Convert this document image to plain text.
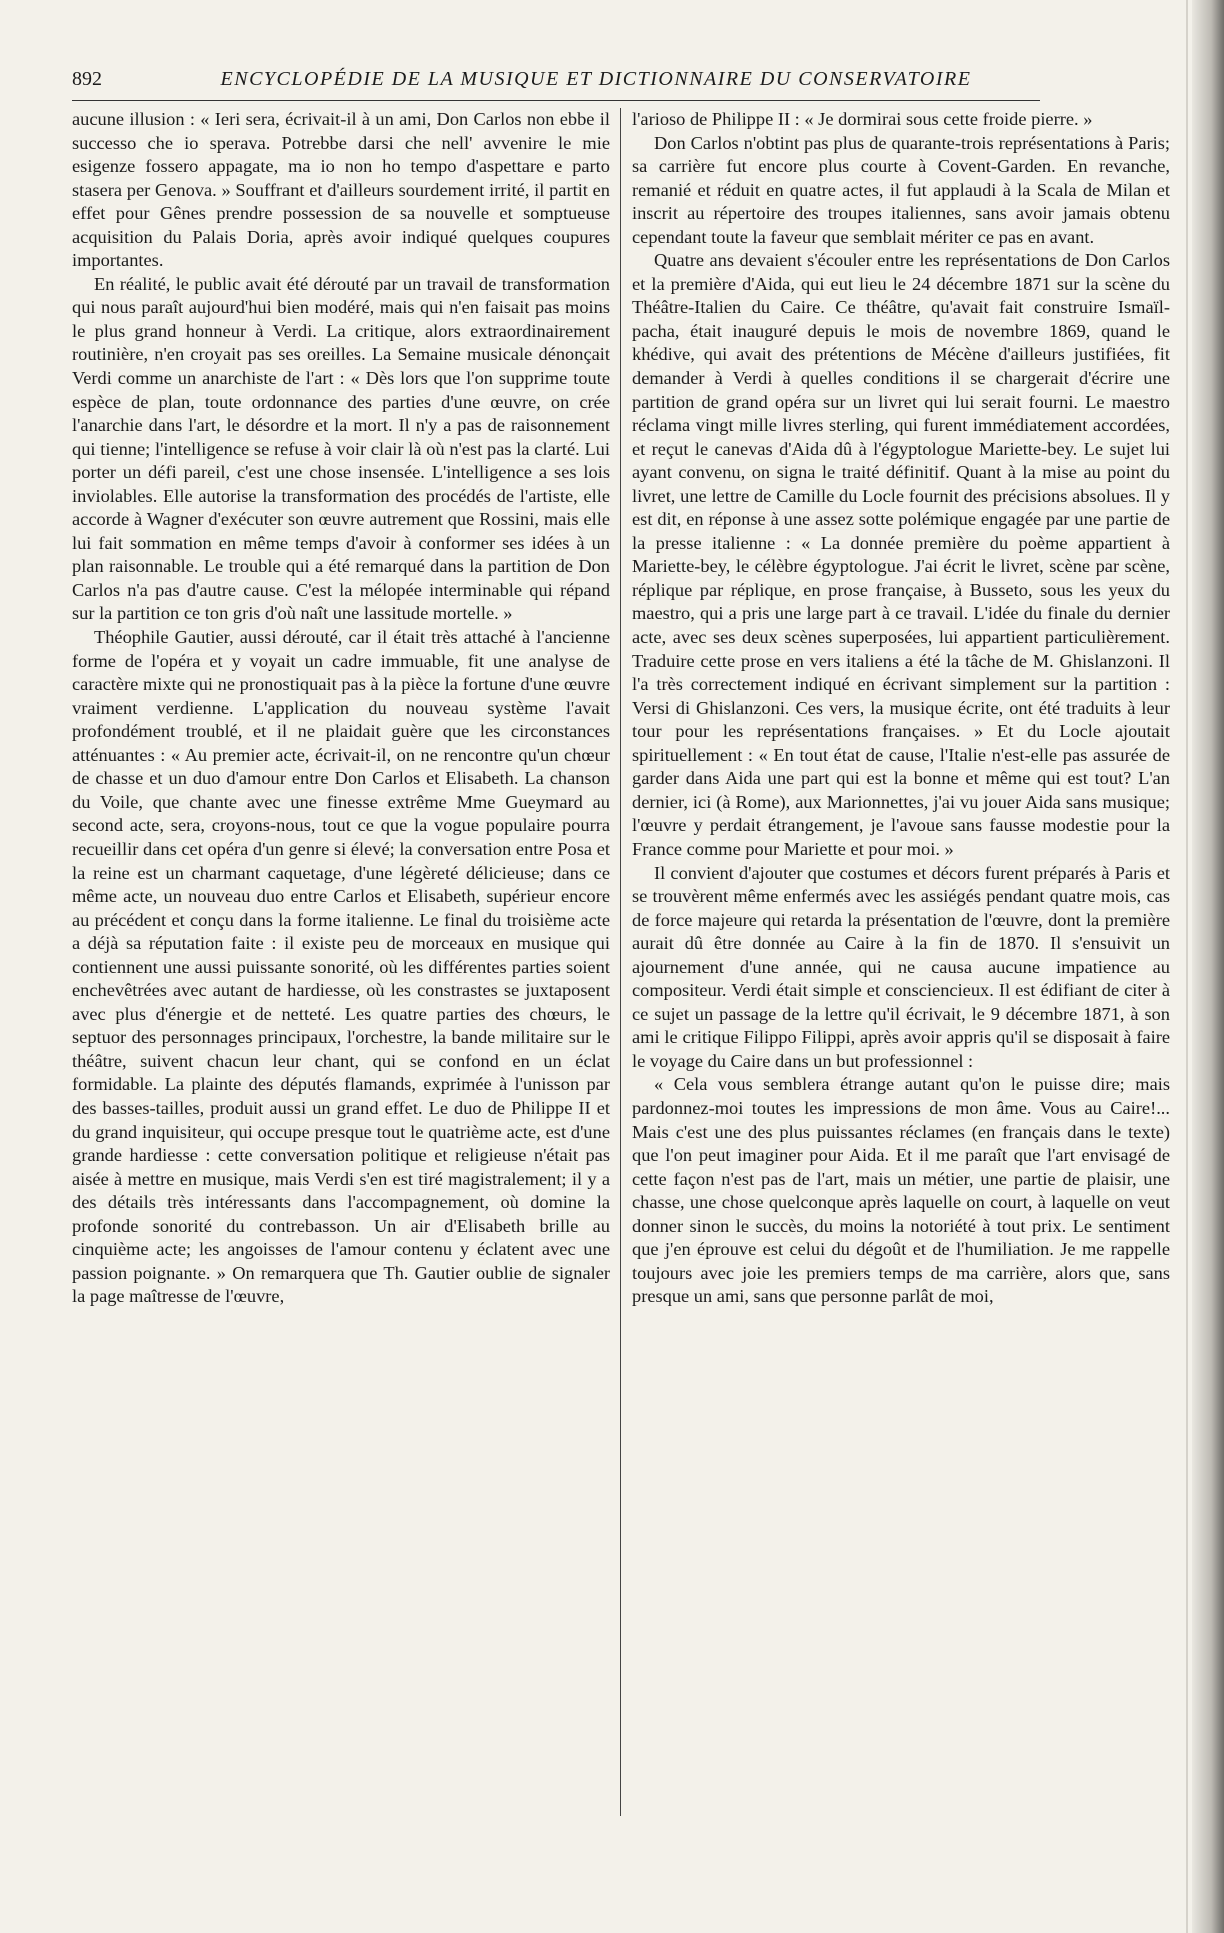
892	ENCYCLOPÉDIE DE LA MUSIQUE ET DICTIONNAIRE DU CONSERVATOIRE

aucune illusion : « Ieri sera, écrivait-il à un ami, Don Carlos non ebbe il successo che io sperava. Potrebbe darsi che nell' avvenire le mie esigenze fossero appagate, ma io non ho tempo d'aspettare e parto stasera per Genova. » Souffrant et d'ailleurs sourdement irrité, il partit en effet pour Gênes prendre possession de sa nouvelle et somptueuse acquisition du Palais Doria, après avoir indiqué quelques coupures importantes.

En réalité, le public avait été dérouté par un travail de transformation qui nous paraît aujourd'hui bien modéré, mais qui n'en faisait pas moins le plus grand honneur à Verdi. La critique, alors extraordinairement routinière, n'en croyait pas ses oreilles. La Semaine musicale dénonçait Verdi comme un anarchiste de l'art : « Dès lors que l'on supprime toute espèce de plan, toute ordonnance des parties d'une œuvre, on crée l'anarchie dans l'art, le désordre et la mort. Il n'y a pas de raisonnement qui tienne; l'intelligence se refuse à voir clair là où n'est pas la clarté. Lui porter un défi pareil, c'est une chose insensée. L'intelligence a ses lois inviolables. Elle autorise la transformation des procédés de l'artiste, elle accorde à Wagner d'exécuter son œuvre autrement que Rossini, mais elle lui fait sommation en même temps d'avoir à conformer ses idées à un plan raisonnable. Le trouble qui a été remarqué dans la partition de Don Carlos n'a pas d'autre cause. C'est la mélopée interminable qui répand sur la partition ce ton gris d'où naît une lassitude mortelle. »

Théophile Gautier, aussi dérouté, car il était très attaché à l'ancienne forme de l'opéra et y voyait un cadre immuable, fit une analyse de caractère mixte qui ne pronostiquait pas à la pièce la fortune d'une œuvre vraiment verdienne. L'application du nouveau système l'avait profondément troublé, et il ne plaidait guère que les circonstances atténuantes : « Au premier acte, écrivait-il, on ne rencontre qu'un chœur de chasse et un duo d'amour entre Don Carlos et Elisabeth. La chanson du Voile, que chante avec une finesse extrême Mme Gueymard au second acte, sera, croyons-nous, tout ce que la vogue populaire pourra recueillir dans cet opéra d'un genre si élevé; la conversation entre Posa et la reine est un charmant caquetage, d'une légèreté délicieuse; dans ce même acte, un nouveau duo entre Carlos et Elisabeth, supérieur encore au précédent et conçu dans la forme italienne. Le final du troisième acte a déjà sa réputation faite : il existe peu de morceaux en musique qui contiennent une aussi puissante sonorité, où les différentes parties soient enchevêtrées avec autant de hardiesse, où les constrastes se juxtaposent avec plus d'énergie et de netteté. Les quatre parties des chœurs, le septuor des personnages principaux, l'orchestre, la bande militaire sur le théâtre, suivent chacun leur chant, qui se confond en un éclat formidable. La plainte des députés flamands, exprimée à l'unisson par des basses-tailles, produit aussi un grand effet. Le duo de Philippe II et du grand inquisiteur, qui occupe presque tout le quatrième acte, est d'une grande hardiesse : cette conversation politique et religieuse n'était pas aisée à mettre en musique, mais Verdi s'en est tiré magistralement; il y a des détails très intéressants dans l'accompagnement, où domine la profonde sonorité du contrebasson. Un air d'Elisabeth brille au cinquième acte; les angoisses de l'amour contenu y éclatent avec une passion poignante. » On remarquera que Th. Gautier oublie de signaler la page maîtresse de l'œuvre,

l'arioso de Philippe II : « Je dormirai sous cette froide pierre. »

Don Carlos n'obtint pas plus de quarante-trois représentations à Paris; sa carrière fut encore plus courte à Covent-Garden. En revanche, remanié et réduit en quatre actes, il fut applaudi à la Scala de Milan et inscrit au répertoire des troupes italiennes, sans avoir jamais obtenu cependant toute la faveur que semblait mériter ce pas en avant.

Quatre ans devaient s'écouler entre les représentations de Don Carlos et la première d'Aida, qui eut lieu le 24 décembre 1871 sur la scène du Théâtre-Italien du Caire. Ce théâtre, qu'avait fait construire Ismaïl-pacha, était inauguré depuis le mois de novembre 1869, quand le khédive, qui avait des prétentions de Mécène d'ailleurs justifiées, fit demander à Verdi à quelles conditions il se chargerait d'écrire une partition de grand opéra sur un livret qui lui serait fourni. Le maestro réclama vingt mille livres sterling, qui furent immédiatement accordées, et reçut le canevas d'Aida dû à l'égyptologue Mariette-bey. Le sujet lui ayant convenu, on signa le traité définitif. Quant à la mise au point du livret, une lettre de Camille du Locle fournit des précisions absolues. Il y est dit, en réponse à une assez sotte polémique engagée par une partie de la presse italienne : « La donnée première du poème appartient à Mariette-bey, le célèbre égyptologue. J'ai écrit le livret, scène par scène, réplique par réplique, en prose française, à Busseto, sous les yeux du maestro, qui a pris une large part à ce travail. L'idée du finale du dernier acte, avec ses deux scènes superposées, lui appartient particulièrement. Traduire cette prose en vers italiens a été la tâche de M. Ghislanzoni. Il l'a très correctement indiqué en écrivant simplement sur la partition : Versi di Ghislanzoni. Ces vers, la musique écrite, ont été traduits à leur tour pour les représentations françaises. » Et du Locle ajoutait spirituellement : « En tout état de cause, l'Italie n'est-elle pas assurée de garder dans Aida une part qui est la bonne et même qui est tout? L'an dernier, ici (à Rome), aux Marionnettes, j'ai vu jouer Aida sans musique; l'œuvre y perdait étrangement, je l'avoue sans fausse modestie pour la France comme pour Mariette et pour moi. »

Il convient d'ajouter que costumes et décors furent préparés à Paris et se trouvèrent même enfermés avec les assiégés pendant quatre mois, cas de force majeure qui retarda la présentation de l'œuvre, dont la première aurait dû être donnée au Caire à la fin de 1870. Il s'ensuivit un ajournement d'une année, qui ne causa aucune impatience au compositeur. Verdi était simple et consciencieux. Il est édifiant de citer à ce sujet un passage de la lettre qu'il écrivait, le 9 décembre 1871, à son ami le critique Filippo Filippi, après avoir appris qu'il se disposait à faire le voyage du Caire dans un but professionnel :

« Cela vous semblera étrange autant qu'on le puisse dire; mais pardonnez-moi toutes les impressions de mon âme. Vous au Caire!... Mais c'est une des plus puissantes réclames (en français dans le texte) que l'on peut imaginer pour Aida. Et il me paraît que l'art envisagé de cette façon n'est pas de l'art, mais un métier, une partie de plaisir, une chasse, une chose quelconque après laquelle on court, à laquelle on veut donner sinon le succès, du moins la notoriété à tout prix. Le sentiment que j'en éprouve est celui du dégoût et de l'humiliation. Je me rappelle toujours avec joie les premiers temps de ma carrière, alors que, sans presque un ami, sans que personne parlât de moi,
